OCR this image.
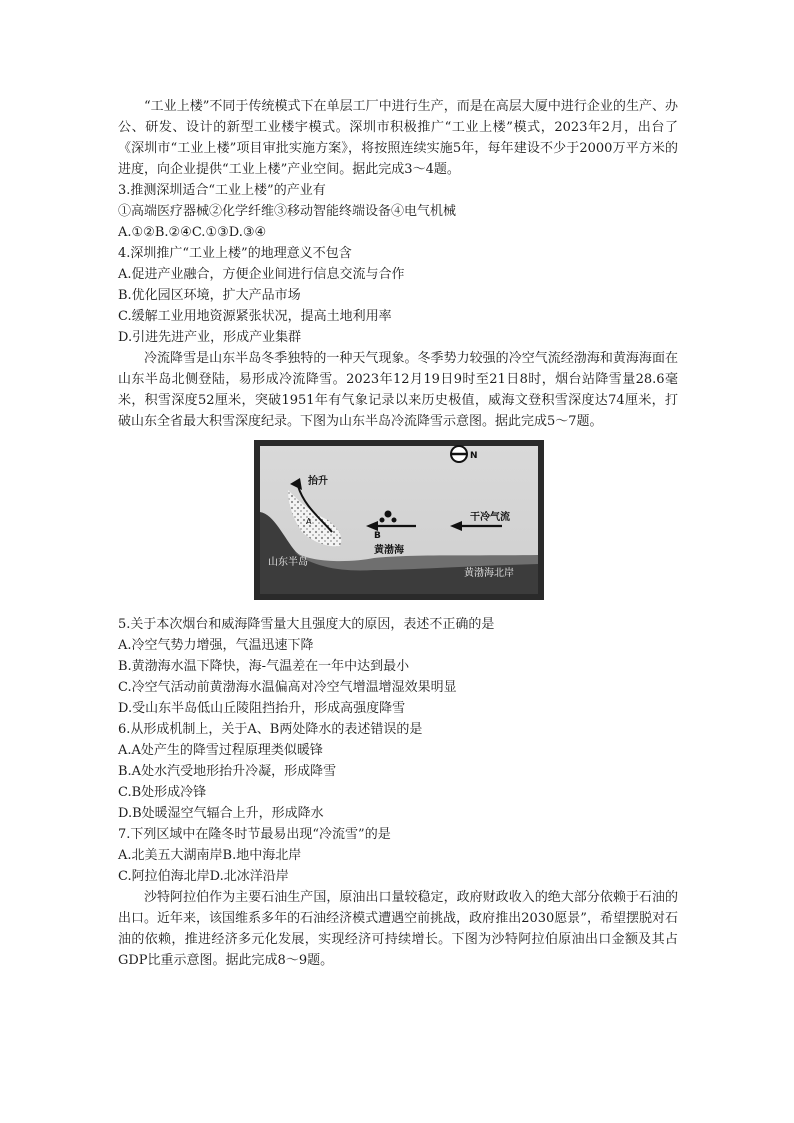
“工业上楼”不同于传统模式下在单层工厂中进行生产，而是在高层大厦中进行企业的生产、办公、研发、设计的新型工业楼宇模式。深圳市积极推广“工业上楼”模式，2023年2月，出台了《深圳市“工业上楼”项目审批实施方案》，将按照连续实施5年，每年建设不少于2000万平方米的进度，向企业提供“工业上楼”产业空间。据此完成3～4题。

3.推测深圳适合“工业上楼”的产业有

①高端医疗器械②化学纤维③移动智能终端设备④电气机械

A.①②B.②④C.①③D.③④

4.深圳推广“工业上楼”的地理意义不包含

A.促进产业融合，方便企业间进行信息交流与合作

B.优化园区环境，扩大产品市场

C.缓解工业用地资源紧张状况，提高土地利用率

D.引进先进产业，形成产业集群

冷流降雪是山东半岛冬季独特的一种天气现象。冬季势力较强的冷空气流经渤海和黄海海面在山东半岛北侧登陆，易形成冷流降雪。2023年12月19日9时至21日8时，烟台站降雪量28.6毫米，积雪深度52厘米，突破1951年有气象记录以来历史极值，威海文登积雪深度达74厘米，打破山东全省最大积雪深度纪录。下图为山东半岛冷流降雪示意图。据此完成5～7题。

N
抬升
干冷气流
A
B
黄渤海
山东半岛
黄渤海北岸

5.关于本次烟台和威海降雪量大且强度大的原因，表述不正确的是

A.冷空气势力增强，气温迅速下降

B.黄渤海水温下降快，海-气温差在一年中达到最小

C.冷空气活动前黄渤海水温偏高对冷空气增温增湿效果明显

D.受山东半岛低山丘陵阻挡抬升，形成高强度降雪

6.从形成机制上，关于A、B两处降水的表述错误的是

A.A处产生的降雪过程原理类似暖锋

B.A处水汽受地形抬升冷凝，形成降雪

C.B处形成冷锋

D.B处暖湿空气辐合上升，形成降水

7.下列区域中在隆冬时节最易出现“冷流雪”的是

A.北美五大湖南岸B.地中海北岸

C.阿拉伯海北岸D.北冰洋沿岸

沙特阿拉伯作为主要石油生产国，原油出口量较稳定，政府财政收入的绝大部分依赖于石油的出口。近年来，该国维系多年的石油经济模式遭遇空前挑战，政府推出2030愿景”，希望摆脱对石油的依赖，推进经济多元化发展，实现经济可持续增长。下图为沙特阿拉伯原油出口金额及其占GDP比重示意图。据此完成8～9题。
